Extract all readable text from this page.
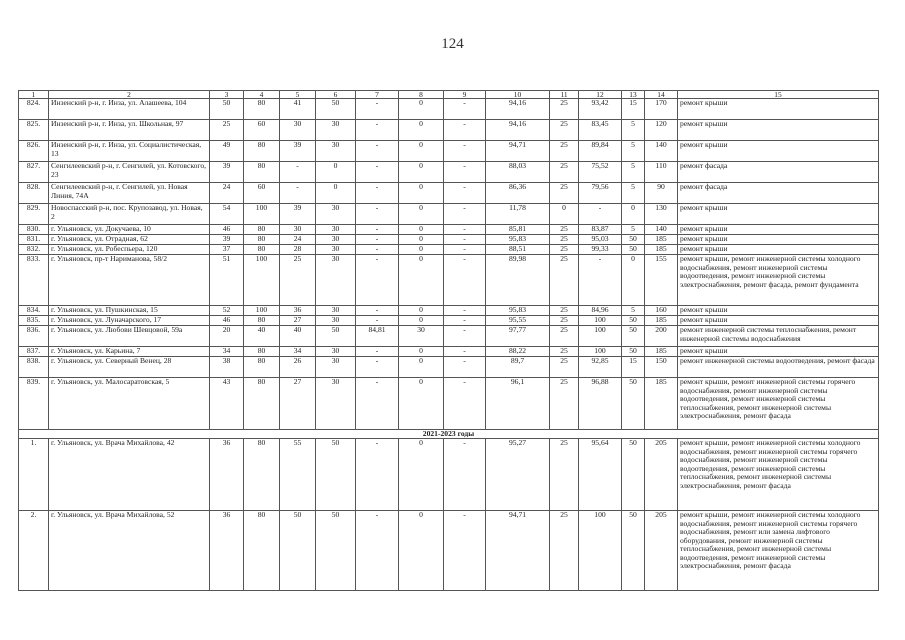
124
1	2	3	4	5	6	7	8	9	10	11	12	13	14	15
824.	Инзенский р-н, г. Инза, ул. Алашеева, 104	50	80	41	50	-	0	-	94,16	25	93,42	15	170	ремонт крыши
825.	Инзенский р-н, г. Инза, ул. Школьная, 97	25	60	30	30	-	0	-	94,16	25	83,45	5	120	ремонт крыши
826.	Инзенский р-н, г. Инза, ул. Социалистическая, 13	49	80	39	30	-	0	-	94,71	25	89,84	5	140	ремонт крыши
827.	Сенгилеевский р-н, г. Сенгилей, ул. Котовского, 23	39	80	-	0	-	0	-	88,03	25	75,52	5	110	ремонт фасада
828.	Сенгилеевский р-н, г. Сенгилей, ул. Новая Линия, 74А	24	60	-	0	-	0	-	86,36	25	79,56	5	90	ремонт фасада
829.	Новоспасский р-н, пос. Крупозавод, ул. Новая, 2	54	100	39	30	-	0	-	11,78	0	-	0	130	ремонт крыши
830.	г. Ульяновск, ул. Докучаева, 10	46	80	30	30	-	0	-	85,81	25	83,87	5	140	ремонт крыши
831.	г. Ульяновск, ул. Отрадная, 62	39	80	24	30	-	0	-	95,83	25	95,03	50	185	ремонт крыши
832.	г. Ульяновск, ул. Робеспьера, 120	37	80	28	30	-	0	-	88,51	25	99,33	50	185	ремонт крыши
833.	г. Ульяновск, пр-т Нариманова, 58/2	51	100	25	30	-	0	-	89,98	25	-	0	155	ремонт крыши, ремонт инженерной системы холодного водоснабжения, ремонт инженерной системы водоотведения, ремонт инженерной системы электроснабжения, ремонт фасада, ремонт фундамента
834.	г. Ульяновск, ул. Пушкинская, 15	52	100	36	30	-	0	-	95,83	25	84,96	5	160	ремонт крыши
835.	г. Ульяновск, ул. Луначарского, 17	46	80	27	30	-	0	-	95,55	25	100	50	185	ремонт крыши
836.	г. Ульяновск, ул. Любови Шевцовой, 59а	20	40	40	50	84,81	30	-	97,77	25	100	50	200	ремонт инженерной системы теплоснабжения, ремонт инженерной системы водоснабжения
837.	г. Ульяновск, ул. Карьина, 7	34	80	34	30	-	0	-	88,22	25	100	50	185	ремонт крыши
838.	г. Ульяновск, ул. Северный Венец, 28	38	80	26	30	-	0	-	89,7	25	92,85	15	150	ремонт инженерной системы водоотведения, ремонт фасада
839.	г. Ульяновск, ул. Малосаратовская, 5	43	80	27	30	-	0	-	96,1	25	96,88	50	185	ремонт крыши, ремонт инженерной системы горячего водоснабжения, ремонт инженерной системы водоотведения, ремонт инженерной системы теплоснабжения, ремонт инженерной системы электроснабжения, ремонт фасада
2021-2023 годы														
1.	г. Ульяновск, ул. Врача Михайлова, 42	36	80	55	50	-	0	-	95,27	25	95,64	50	205	ремонт крыши, ремонт инженерной системы холодного водоснабжения, ремонт инженерной системы горячего водоснабжения, ремонт инженерной системы водоотведения, ремонт инженерной системы теплоснабжения, ремонт инженерной системы электроснабжения, ремонт фасада
2.	г. Ульяновск, ул. Врача Михайлова, 52	36	80	50	50	-	0	-	94,71	25	100	50	205	ремонт крыши, ремонт инженерной системы холодного водоснабжения, ремонт инженерной системы горячего водоснабжения, ремонт или замена лифтового оборудования, ремонт инженерной системы теплоснабжения, ремонт инженерной системы водоотведения, ремонт инженерной системы электроснабжения, ремонт фасада
